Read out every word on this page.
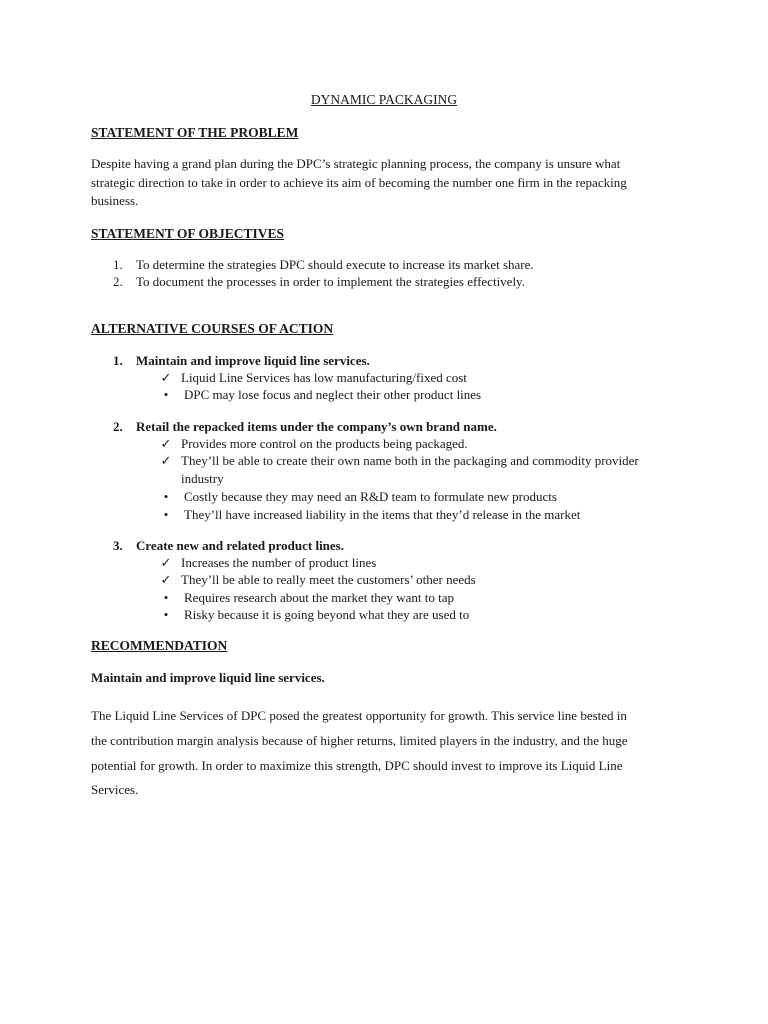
DYNAMIC PACKAGING
STATEMENT OF THE PROBLEM
Despite having a grand plan during the DPC’s strategic planning process, the company is unsure what
strategic direction to take in order to achieve its aim of becoming the number one firm in the repacking
business.
STATEMENT OF OBJECTIVES
1. To determine the strategies DPC should execute to increase its market share.
2. To document the processes in order to implement the strategies effectively.
ALTERNATIVE COURSES OF ACTION
1. Maintain and improve liquid line services.
✓ Liquid Line Services has low manufacturing/fixed cost
•	DPC may lose focus and neglect their other product lines
2. Retail the repacked items under the company’s own brand name.
✓ Provides more control on the products being packaged.
✓ They’ll be able to create their own name both in the packaging and commodity provider
industry
•	Costly because they may need an R&D team to formulate new products
•	They’ll have increased liability in the items that they’d release in the market
3. Create new and related product lines.
✓ Increases the number of product lines
✓ They’ll be able to really meet the customers’ other needs
•	Requires research about the market they want to tap
•	Risky because it is going beyond what they are used to
RECOMMENDATION
Maintain and improve liquid line services.
The Liquid Line Services of DPC posed the greatest opportunity for growth. This service line bested in
the contribution margin analysis because of higher returns, limited players in the industry, and the huge
potential for growth. In order to maximize this strength, DPC should invest to improve its Liquid Line
Services.
